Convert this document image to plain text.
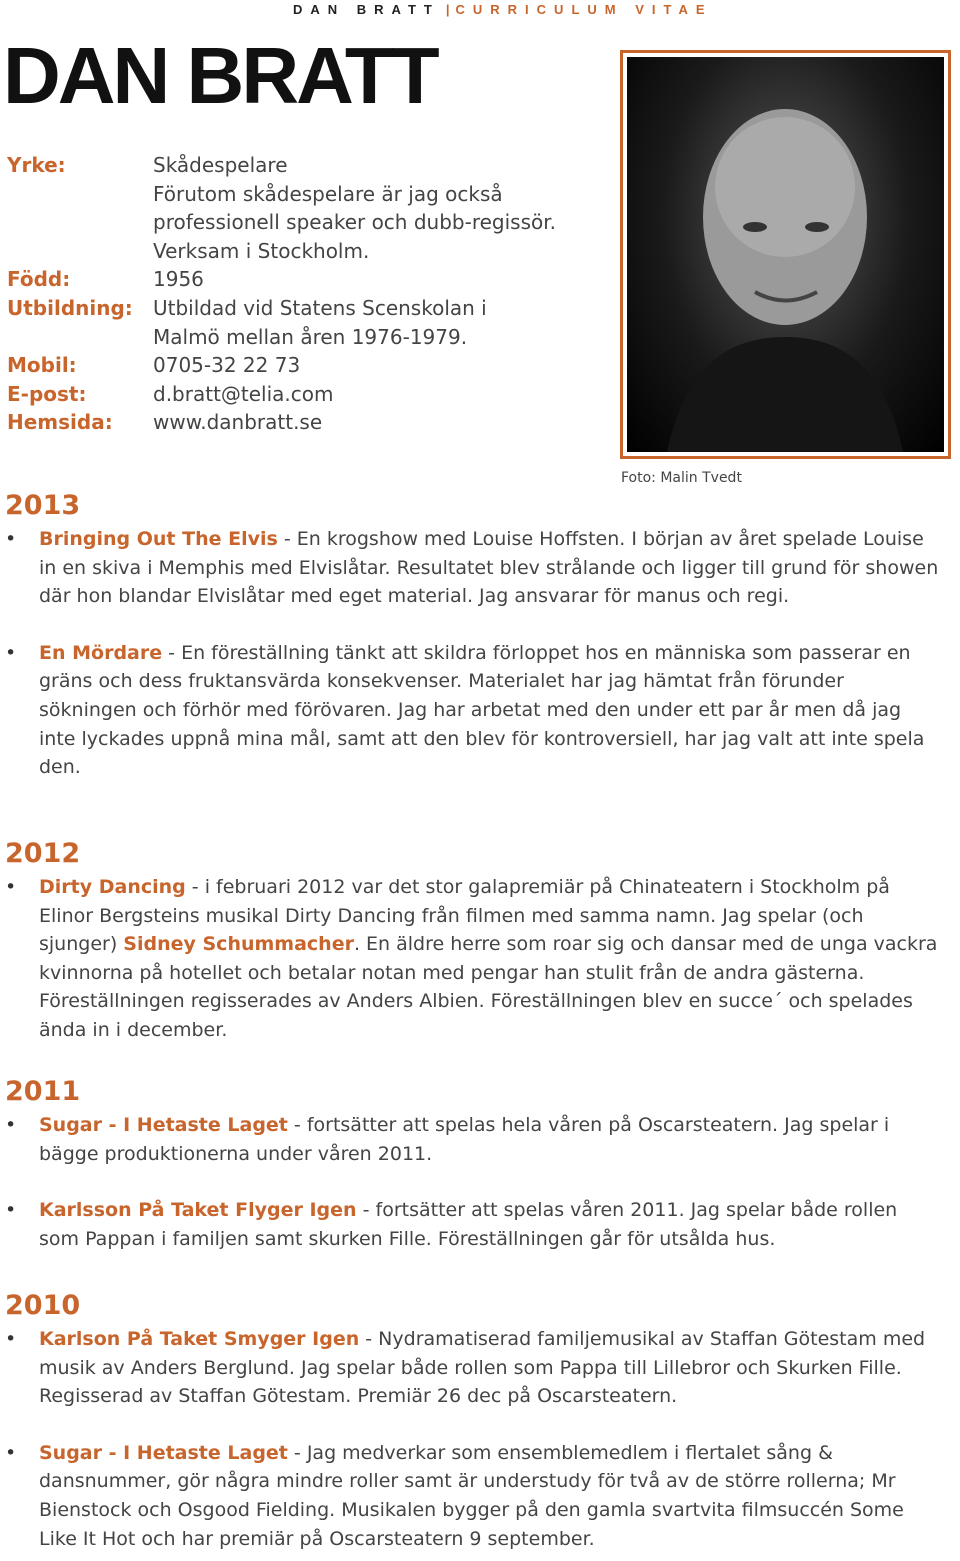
DAN BRATT | CURRICULUM VITAE
DAN BRATT
Yrke:	Skådespelare
Förutom skådespelare är jag också
professionell speaker och dubb-regissör.
Verksam i Stockholm.
Född:	1956
Utbildning:	Utbildad vid Statens Scenskolan i
Malmö mellan åren 1976-1979.
Mobil:	0705-32 22 73
E-post:	d.bratt@telia.com
Hemsida:	www.danbratt.se
Foto: Malin Tvedt
2013
• Bringing Out The Elvis - En krogshow med Louise Hoffsten. I början av året spelade Louise in en skiva i Memphis med Elvislåtar. Resultatet blev strålande och ligger till grund för showen där hon blandar Elvislåtar med eget material. Jag ansvarar för manus och regi.
• En Mördare - En föreställning tänkt att skildra förloppet hos en människa som passerar en gräns och dess fruktansvärda konsekvenser. Materialet har jag hämtat från förunder sökningen och förhör med förövaren. Jag har arbetat med den under ett par år men då jag inte lyckades uppnå mina mål, samt att den blev för kontroversiell, har jag valt att inte spela den.
2012
• Dirty Dancing - i februari 2012 var det stor galapremiär på Chinateatern i Stockholm på Elinor Bergsteins musikal Dirty Dancing från filmen med samma namn. Jag spelar (och sjunger) Sidney Schummacher. En äldre herre som roar sig och dansar med de unga vackra kvinnorna på hotellet och betalar notan med pengar han stulit från de andra gästerna. Föreställningen regisserades av Anders Albien. Föreställningen blev en succe´ och spelades ända in i december.
2011
• Sugar - I Hetaste Laget - fortsätter att spelas hela våren på Oscarsteatern. Jag spelar i bägge produktionerna under våren 2011.
• Karlsson På Taket Flyger Igen - fortsätter att spelas våren 2011. Jag spelar både rollen som Pappan i familjen samt skurken Fille. Föreställningen går för utsålda hus.
2010
• Karlson På Taket Smyger Igen - Nydramatiserad familjemusikal av Staffan Götestam med musik av Anders Berglund. Jag spelar både rollen som Pappa till Lillebror och Skurken Fille. Regisserad av Staffan Götestam. Premiär 26 dec på Oscarsteatern.
• Sugar - I Hetaste Laget - Jag medverkar som ensemblemedlem i flertalet sång & dansnummer, gör några mindre roller samt är understudy för två av de större rollerna; Mr Bienstock och Osgood Fielding. Musikalen bygger på den gamla svartvita filmsuccén Some Like It Hot och har premiär på Oscarsteatern 9 september.
